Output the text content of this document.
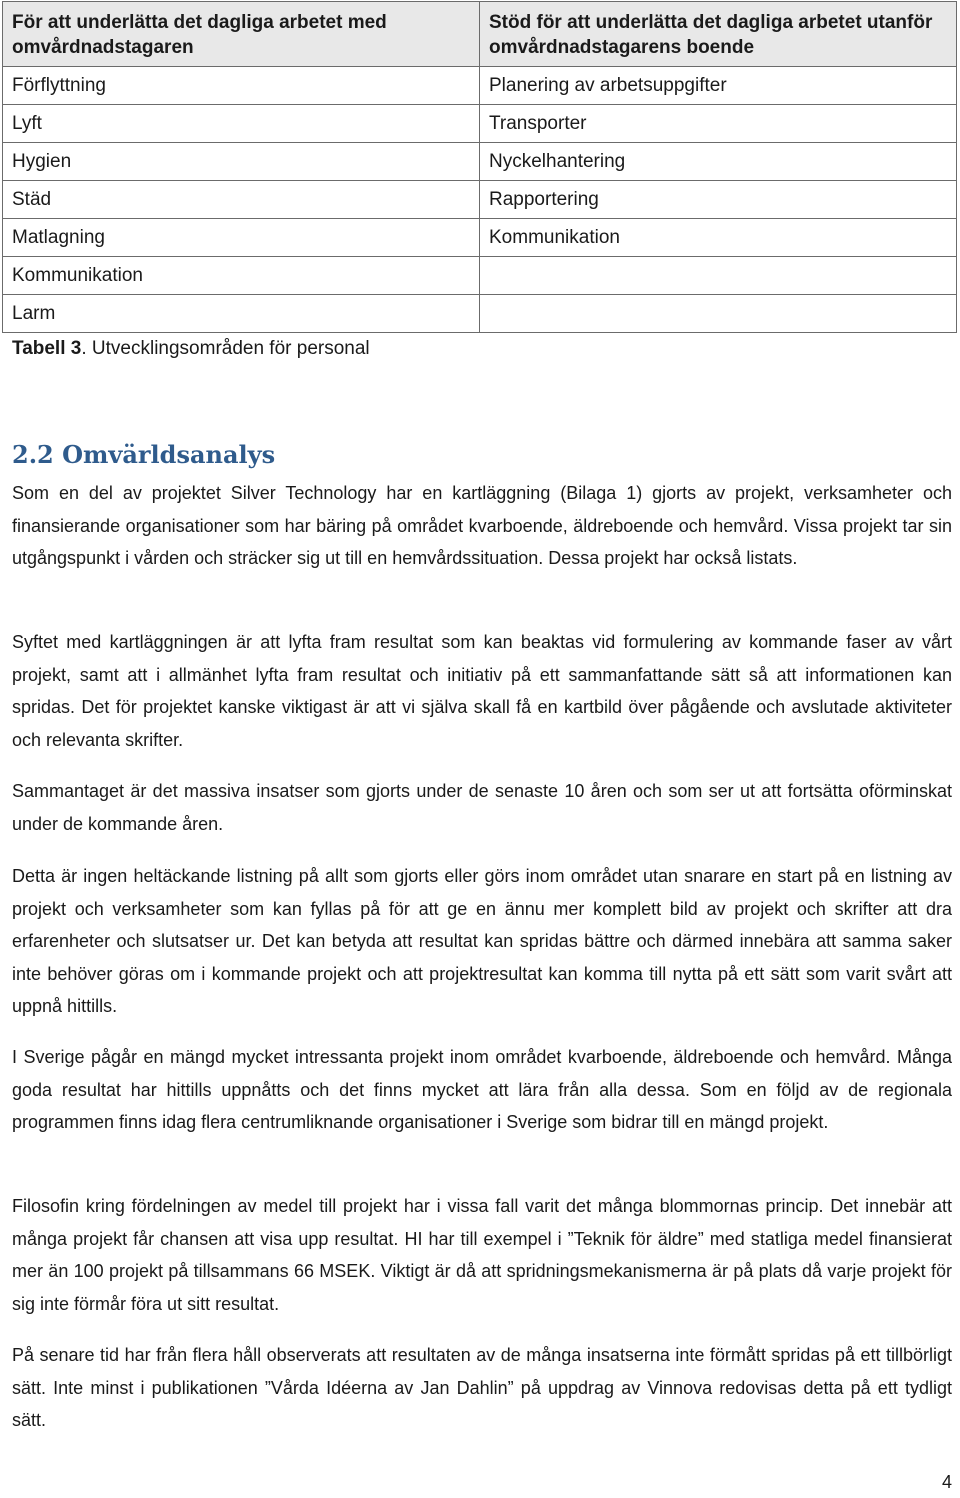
För att underlätta det dagliga arbetet med omvårdnadstagaren	Stöd för att underlätta det dagliga arbetet utanför omvårdnadstagarens boende
Förflyttning	Planering av arbetsuppgifter
Lyft	Transporter
Hygien	Nyckelhantering
Städ	Rapportering
Matlagning	Kommunikation
Kommunikation	
Larm	
Tabell 3. Utvecklingsområden för personal
2.2 Omvärldsanalys

Som en del av projektet Silver Technology har en kartläggning (Bilaga 1) gjorts av projekt, verksamheter och finansierande organisationer som har bäring på området kvarboende, äldreboende och hemvård. Vissa projekt tar sin utgångspunkt i vården och sträcker sig ut till en hemvårdssituation. Dessa projekt har också listats.

Syftet med kartläggningen är att lyfta fram resultat som kan beaktas vid formulering av kommande faser av vårt projekt, samt att i allmänhet lyfta fram resultat och initiativ på ett sammanfattande sätt så att informationen kan spridas. Det för projektet kanske viktigast är att vi själva skall få en kartbild över pågående och avslutade aktiviteter och relevanta skrifter.

Sammantaget är det massiva insatser som gjorts under de senaste 10 åren och som ser ut att fortsätta oförminskat under de kommande åren.

Detta är ingen heltäckande listning på allt som gjorts eller görs inom området utan snarare en start på en listning av projekt och verksamheter som kan fyllas på för att ge en ännu mer komplett bild av projekt och skrifter att dra erfarenheter och slutsatser ur. Det kan betyda att resultat kan spridas bättre och därmed innebära att samma saker inte behöver göras om i kommande projekt och att projektresultat kan komma till nytta på ett sätt som varit svårt att uppnå hittills.

I Sverige pågår en mängd mycket intressanta projekt inom området kvarboende, äldreboende och hemvård. Många goda resultat har hittills uppnåtts och det finns mycket att lära från alla dessa. Som en följd av de regionala programmen finns idag flera centrumliknande organisationer i Sverige som bidrar till en mängd projekt.

Filosofin kring fördelningen av medel till projekt har i vissa fall varit det många blommornas princip. Det innebär att många projekt får chansen att visa upp resultat. HI har till exempel i ”Teknik för äldre” med statliga medel finansierat mer än 100 projekt på tillsammans 66 MSEK. Viktigt är då att spridningsmekanismerna är på plats då varje projekt för sig inte förmår föra ut sitt resultat.

På senare tid har från flera håll observerats att resultaten av de många insatserna inte förmått spridas på ett tillbörligt sätt. Inte minst i publikationen ”Vårda Idéerna av Jan Dahlin” på uppdrag av Vinnova redovisas detta på ett tydligt sätt.

4
